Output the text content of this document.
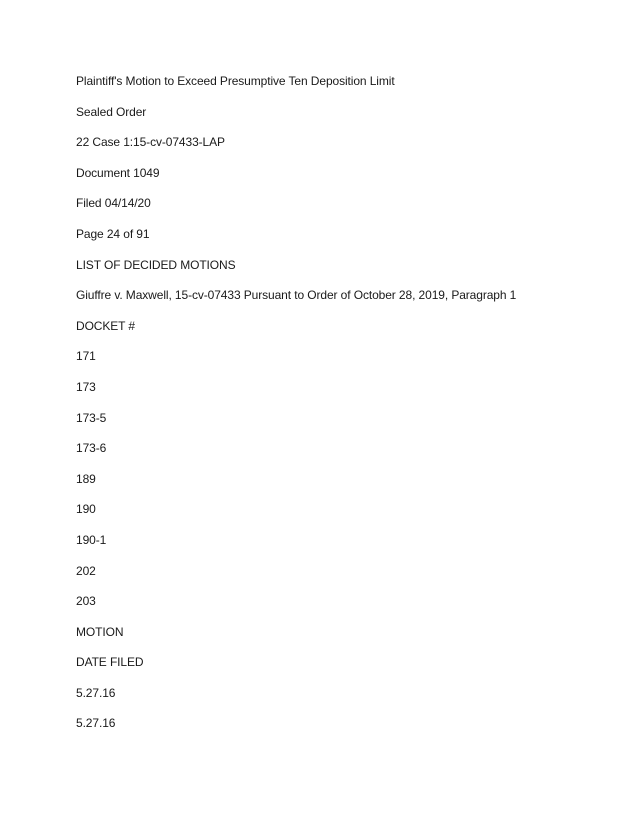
Plaintiff's Motion to Exceed Presumptive Ten Deposition Limit
Sealed Order
22 Case 1:15-cv-07433-LAP
Document 1049
Filed 04/14/20
Page 24 of 91
LIST OF DECIDED MOTIONS
Giuffre v. Maxwell, 15-cv-07433 Pursuant to Order of October 28, 2019, Paragraph 1
DOCKET #
171
173
173-5
173-6
189
190
190-1
202
203
MOTION
DATE FILED
5.27.16
5.27.16
